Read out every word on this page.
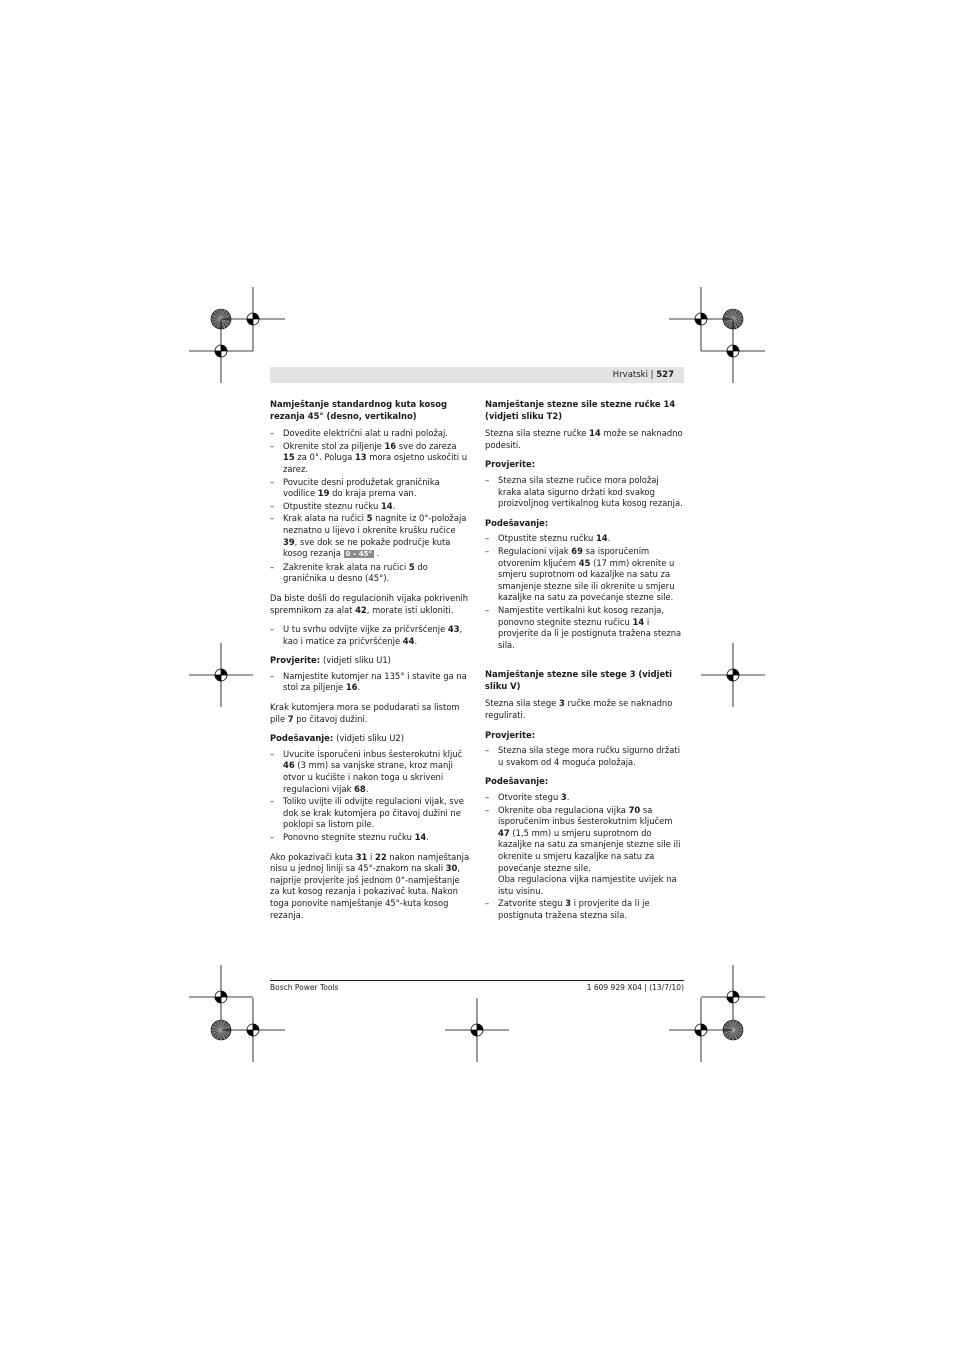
Hrvatski | 527
Namještanje standardnog kuta kosog rezanja 45° (desno, vertikalno)
– Dovedite električni alat u radni položaj.
– Okrenite stol za piljenje 16 sve do zareza 15 za 0°. Poluga 13 mora osjetno uskočiti u zarez.
– Povucite desni produžetak graničnika vodilice 19 do kraja prema van.
– Otpustite steznu ručku 14.
– Krak alata na ručici 5 nagnite iz 0°-položaja neznatno u lijevo i okrenite krušku ručice 39, sve dok se ne pokaže područje kuta kosog rezanja 0 – 45° .
– Zakrenite krak alata na ručici 5 do graničnika u desno (45°).

Da biste došli do regulacionih vijaka pokrivenih spremnikom za alat 42, morate isti ukloniti.

– U tu svrhu odvijte vijke za pričvršćenje 43, kao i matice za pričvršćenje 44.
Provjerite: (vidjeti sliku U1)
– Namjestite kutomjer na 135° i stavite ga na stol za piljenje 16.

Krak kutomjera mora se podudarati sa listom pile 7 po čitavoj dužini.

Podešavanje: (vidjeti sliku U2)
– Uvucite isporučeni inbus šesterokutni ključ 46 (3 mm) sa vanjske strane, kroz manji otvor u kućište i nakon toga u skriveni regulacioni vijak 68.
– Toliko uvijte ili odvijte regulacioni vijak, sve dok se krak kutomjera po čitavoj dužini ne poklopi sa listom pile.
– Ponovno stegnite steznu ručku 14.

Ako pokazivači kuta 31 i 22 nakon namještanja nisu u jednoj liniji sa 45°-znakom na skali 30, najprije provjerite još jednom 0°-namještanje za kut kosog rezanja i pokazivač kuta. Nakon toga ponovite namještanje 45°-kuta kosog rezanja.

Namještanje stezne sile stezne ručke 14 (vidjeti sliku T2)

Stezna sila stezne ručke 14 može se naknadno podesiti.

Provjerite:
– Stezna sila stezne ručice mora položaj kraka alata sigurno držati kod svakog proizvoljnog vertikalnog kuta kosog rezanja.
Podešavanje:
– Otpustite steznu ručku 14.
– Regulacioni vijak 69 sa isporučenim otvorenim ključem 45 (17 mm) okrenite u smjeru suprotnom od kazaljke na satu za smanjenje stezne sile ili okrenite u smjeru kazaljke na satu za povećanje stezne sile.
– Namjestite vertikalni kut kosog rezanja, ponovno stegnite steznu ručicu 14 i provjerite da li je postignuta tražena stezna sila.
Namještanje stezne sile stege 3 (vidjeti sliku V)

Stezna sila stege 3 ručke može se naknadno regulirati.

Provjerite:
– Stezna sila stege mora ručku sigurno držati u svakom od 4 moguća položaja.
Podešavanje:
– Otvorite stegu 3.
– Okrenite oba regulaciona vijka 70 sa isporučenim inbus šesterokutnim ključem 47 (1,5 mm) u smjeru suprotnom do kazaljke na satu za smanjenje stezne sile ili okrenite u smjeru kazaljke na satu za povećanje stezne sile.
Oba regulaciona vijka namjestite uvijek na istu visinu.
– Zatvorite stegu 3 i provjerite da li je postignuta tražena stezna sila.
Bosch Power Tools	1 609 929 X04 | (13/7/10)
